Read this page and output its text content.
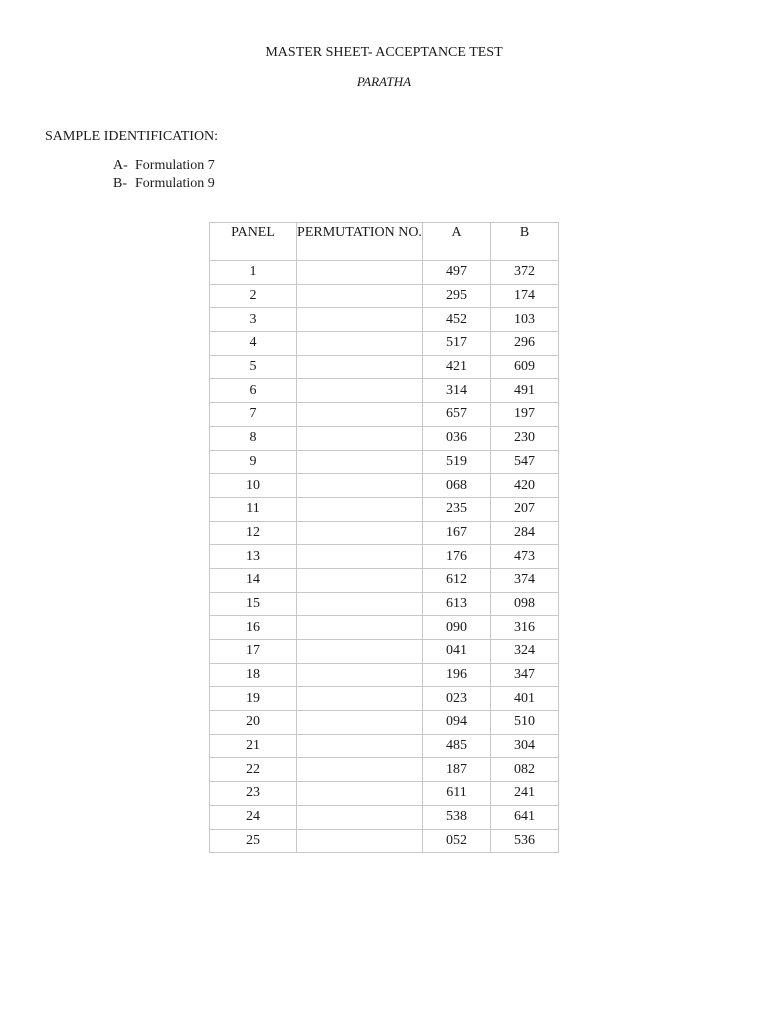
MASTER SHEET- ACCEPTANCE TEST
PARATHA
SAMPLE IDENTIFICATION:
A- Formulation 7
B- Formulation 9
PANEL	PERMUTATION NO.	A	B
1		497	372
2		295	174
3		452	103
4		517	296
5		421	609
6		314	491
7		657	197
8		036	230
9		519	547
10		068	420
11		235	207
12		167	284
13		176	473
14		612	374
15		613	098
16		090	316
17		041	324
18		196	347
19		023	401
20		094	510
21		485	304
22		187	082
23		611	241
24		538	641
25		052	536
